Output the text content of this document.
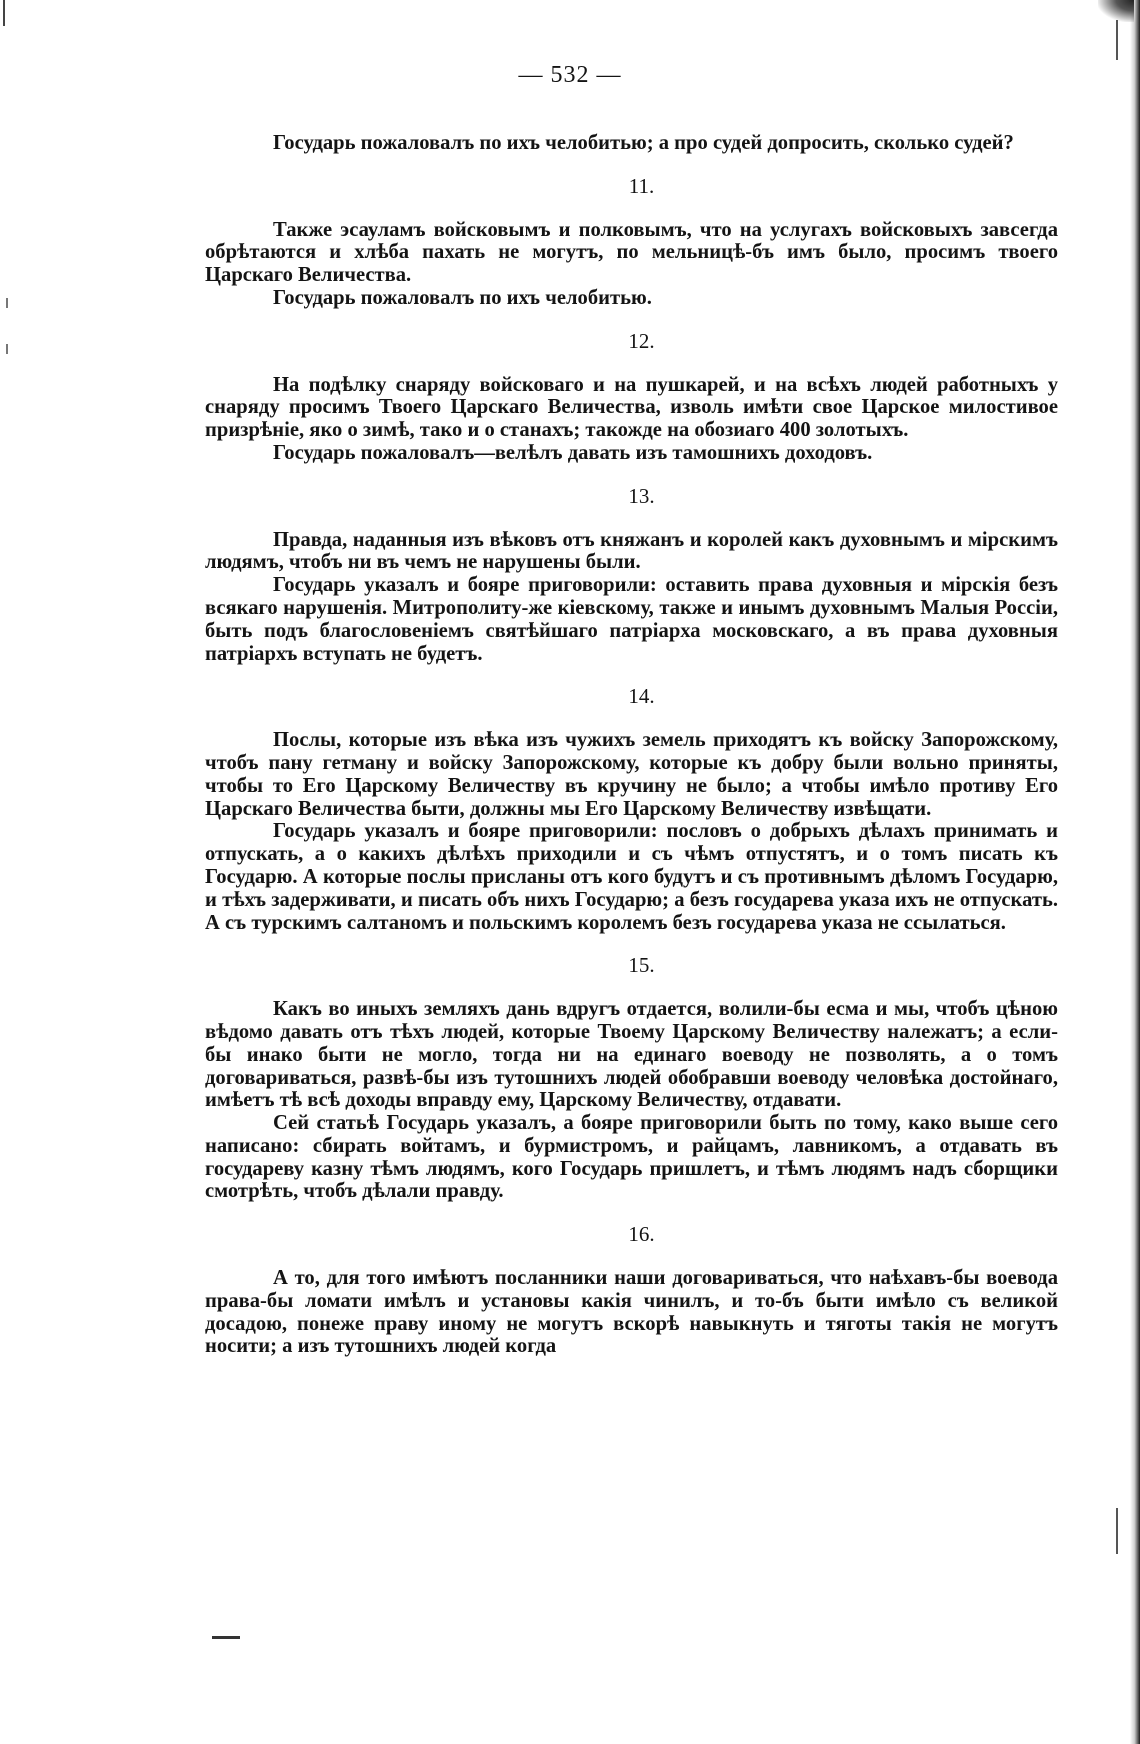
— 532 —

Государь пожаловалъ по ихъ челобитью; а про судей допросить, сколько судей?

11.

Также эсауламъ войсковымъ и полковымъ, что на услугахъ войсковыхъ завсегда обрѣтаются и хлѣба пахать не могутъ, по мельницѣ-бъ имъ было, просимъ твоего Царскаго Величества.

Государь пожаловалъ по ихъ челобитью.

12.

На подѣлку снаряду войсковаго и на пушкарей, и на всѣхъ людей работныхъ у снаряду просимъ Твоего Царскаго Величества, изволь имѣти свое Царское милостивое призрѣніе, яко о зимѣ, тако и о станахъ; такожде на обозиаго 400 золотыхъ.

Государь пожаловалъ—велѣлъ давать изъ тамошнихъ доходовъ.

13.

Правда, наданныя изъ вѣковъ отъ княжанъ и королей какъ духовнымъ и мірскимъ людямъ, чтобъ ни въ чемъ не нарушены были.

Государь указалъ и бояре приговорили: оставить права духовныя и мірскія безъ всякаго нарушенія. Митрополиту-же кіевскому, также и инымъ духовнымъ Малыя Россіи, быть подъ благословеніемъ святѣйшаго патріарха московскаго, а въ права духовныя патріархъ вступать не будетъ.

14.

Послы, которые изъ вѣка изъ чужихъ земель приходятъ къ войску Запорожскому, чтобъ пану гетману и войску Запорожскому, которые къ добру были вольно приняты, чтобы то Его Царскому Величеству въ кручину не было; а чтобы имѣло противу Его Царскаго Величества быти, должны мы Его Царскому Величеству извѣщати.

Государь указалъ и бояре приговорили: пословъ о добрыхъ дѣлахъ принимать и отпускать, а о какихъ дѣлѣхъ приходили и съ чѣмъ отпустятъ, и о томъ писать къ Государю. А которые послы присланы отъ кого будутъ и съ противнымъ дѣломъ Государю, и тѣхъ задерживати, и писать объ нихъ Государю; а безъ государева указа ихъ не отпускать. А съ турскимъ салтаномъ и польскимъ королемъ безъ государева указа не ссылаться.

15.

Какъ во иныхъ земляхъ дань вдругъ отдается, волили-бы есма и мы, чтобъ цѣною вѣдомо давать отъ тѣхъ людей, которые Твоему Царскому Величеству належатъ; а если-бы инако быти не могло, тогда ни на единаго воеводу не позволять, а о томъ договариваться, развѣ-бы изъ тутошнихъ людей обобравши воеводу человѣка достойнаго, имѣетъ тѣ всѣ доходы вправду ему, Царскому Величеству, отдавати.

Сей статьѣ Государь указалъ, а бояре приговорили быть по тому, како выше сего написано: сбирать войтамъ, и бурмистромъ, и райцамъ, лавникомъ, а отдавать въ государеву казну тѣмъ людямъ, кого Государь пришлетъ, и тѣмъ людямъ надъ сборщики смотрѣть, чтобъ дѣлали правду.

16.

А то, для того имѣютъ посланники наши договариваться, что наѣхавъ-бы воевода права-бы ломати имѣлъ и установы какія чинилъ, и то-бъ быти имѣло съ великой досадою, понеже праву иному не могутъ вскорѣ навыкнуть и тяготы такія не могутъ носити; а изъ тутошнихъ людей когда
